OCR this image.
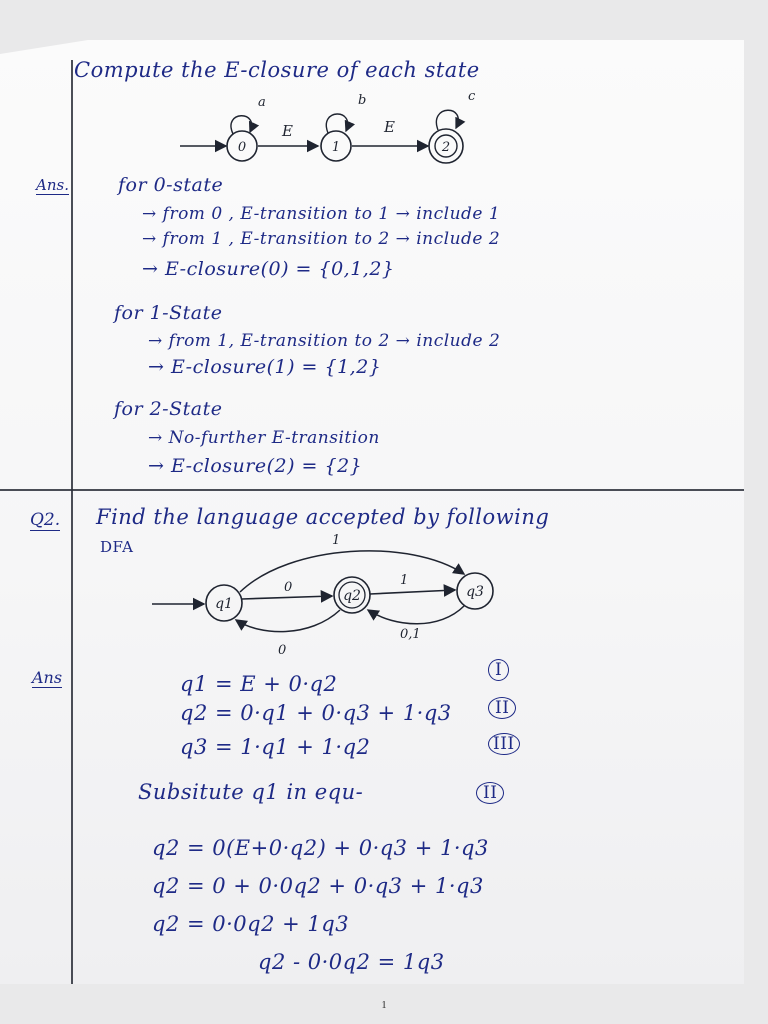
Compute the E-closure of each state
0	1	2
a	b	c
E	E
Ans.	for 0-state
→ from 0 , E-transition to 1 → include 1
→ from 1 , E-transition to 2 → include 2
→ E-closure(0) = {0,1,2}
for 1-State
→ from 1, E-transition to 2 → include 2
→ E-closure(1) = {1,2}
for 2-State
→ No-further E-transition
→ E-closure(2) = {2}
Q2. Find the language accepted by following
DFA
q1	q2	q3
0	1
1
0
0,1
Ans	q1 = E + 0·q2
q2 = 0·q1 + 0·q3 + 1·q3
q3 = 1·q1 + 1·q2
I
II
III
Subsitute q1 in equ-	II
q2 = 0(E+0·q2) + 0·q3 + 1·q3
q2 = 0 + 0·0q2 + 0·q3 + 1·q3
q2 = 0·0q2 + 1q3
q2 - 0·0q2 = 1q3
1
